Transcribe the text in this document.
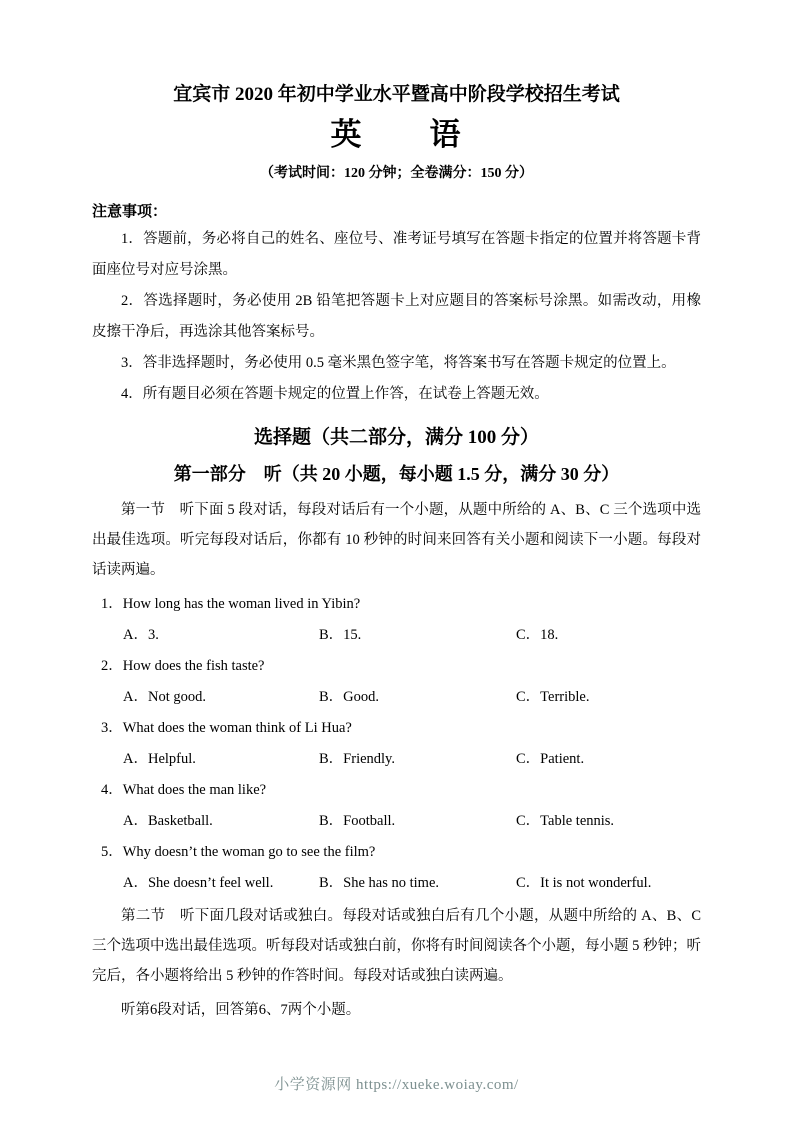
宜宾市 2020 年初中学业水平暨高中阶段学校招生考试
英　　语
（考试时间：120 分钟；全卷满分：150 分）
注意事项：

1．答题前，务必将自己的姓名、座位号、准考证号填写在答题卡指定的位置并将答题卡背面座位号对应号涂黑。

2．答选择题时，务必使用 2B 铅笔把答题卡上对应题目的答案标号涂黑。如需改动，用橡皮擦干净后，再选涂其他答案标号。

3．答非选择题时，务必使用 0.5 毫米黑色签字笔，将答案书写在答题卡规定的位置上。

4．所有题目必须在答题卡规定的位置上作答，在试卷上答题无效。

选择题（共二部分，满分 100 分）
第一部分　听（共 20 小题，每小题 1.5 分，满分 30 分）

第一节　听下面 5 段对话，每段对话后有一个小题，从题中所给的 A、B、C 三个选项中选出最佳选项。听完每段对话后，你都有 10 秒钟的时间来回答有关小题和阅读下一小题。每段对话读两遍。

1．How long has the woman lived in Yibin?
A．3.	B．15.	C．18.
2．How does the fish taste?
A．Not good.	B．Good.	C．Terrible.
3．What does the woman think of Li Hua?
A．Helpful.	B．Friendly.	C．Patient.
4．What does the man like?
A．Basketball.	B．Football.	C．Table tennis.
5．Why doesn’t the woman go to see the film?
A．She doesn’t feel well.	B．She has no time.	C．It is not wonderful.

第二节　听下面几段对话或独白。每段对话或独白后有几个小题，从题中所给的 A、B、C 三个选项中选出最佳选项。听每段对话或独白前，你将有时间阅读各个小题，每小题 5 秒钟；听完后，各小题将给出 5 秒钟的作答时间。每段对话或独白读两遍。

听第6段对话，回答第6、7两个小题。

小学资源网 https://xueke.woiay.com/
